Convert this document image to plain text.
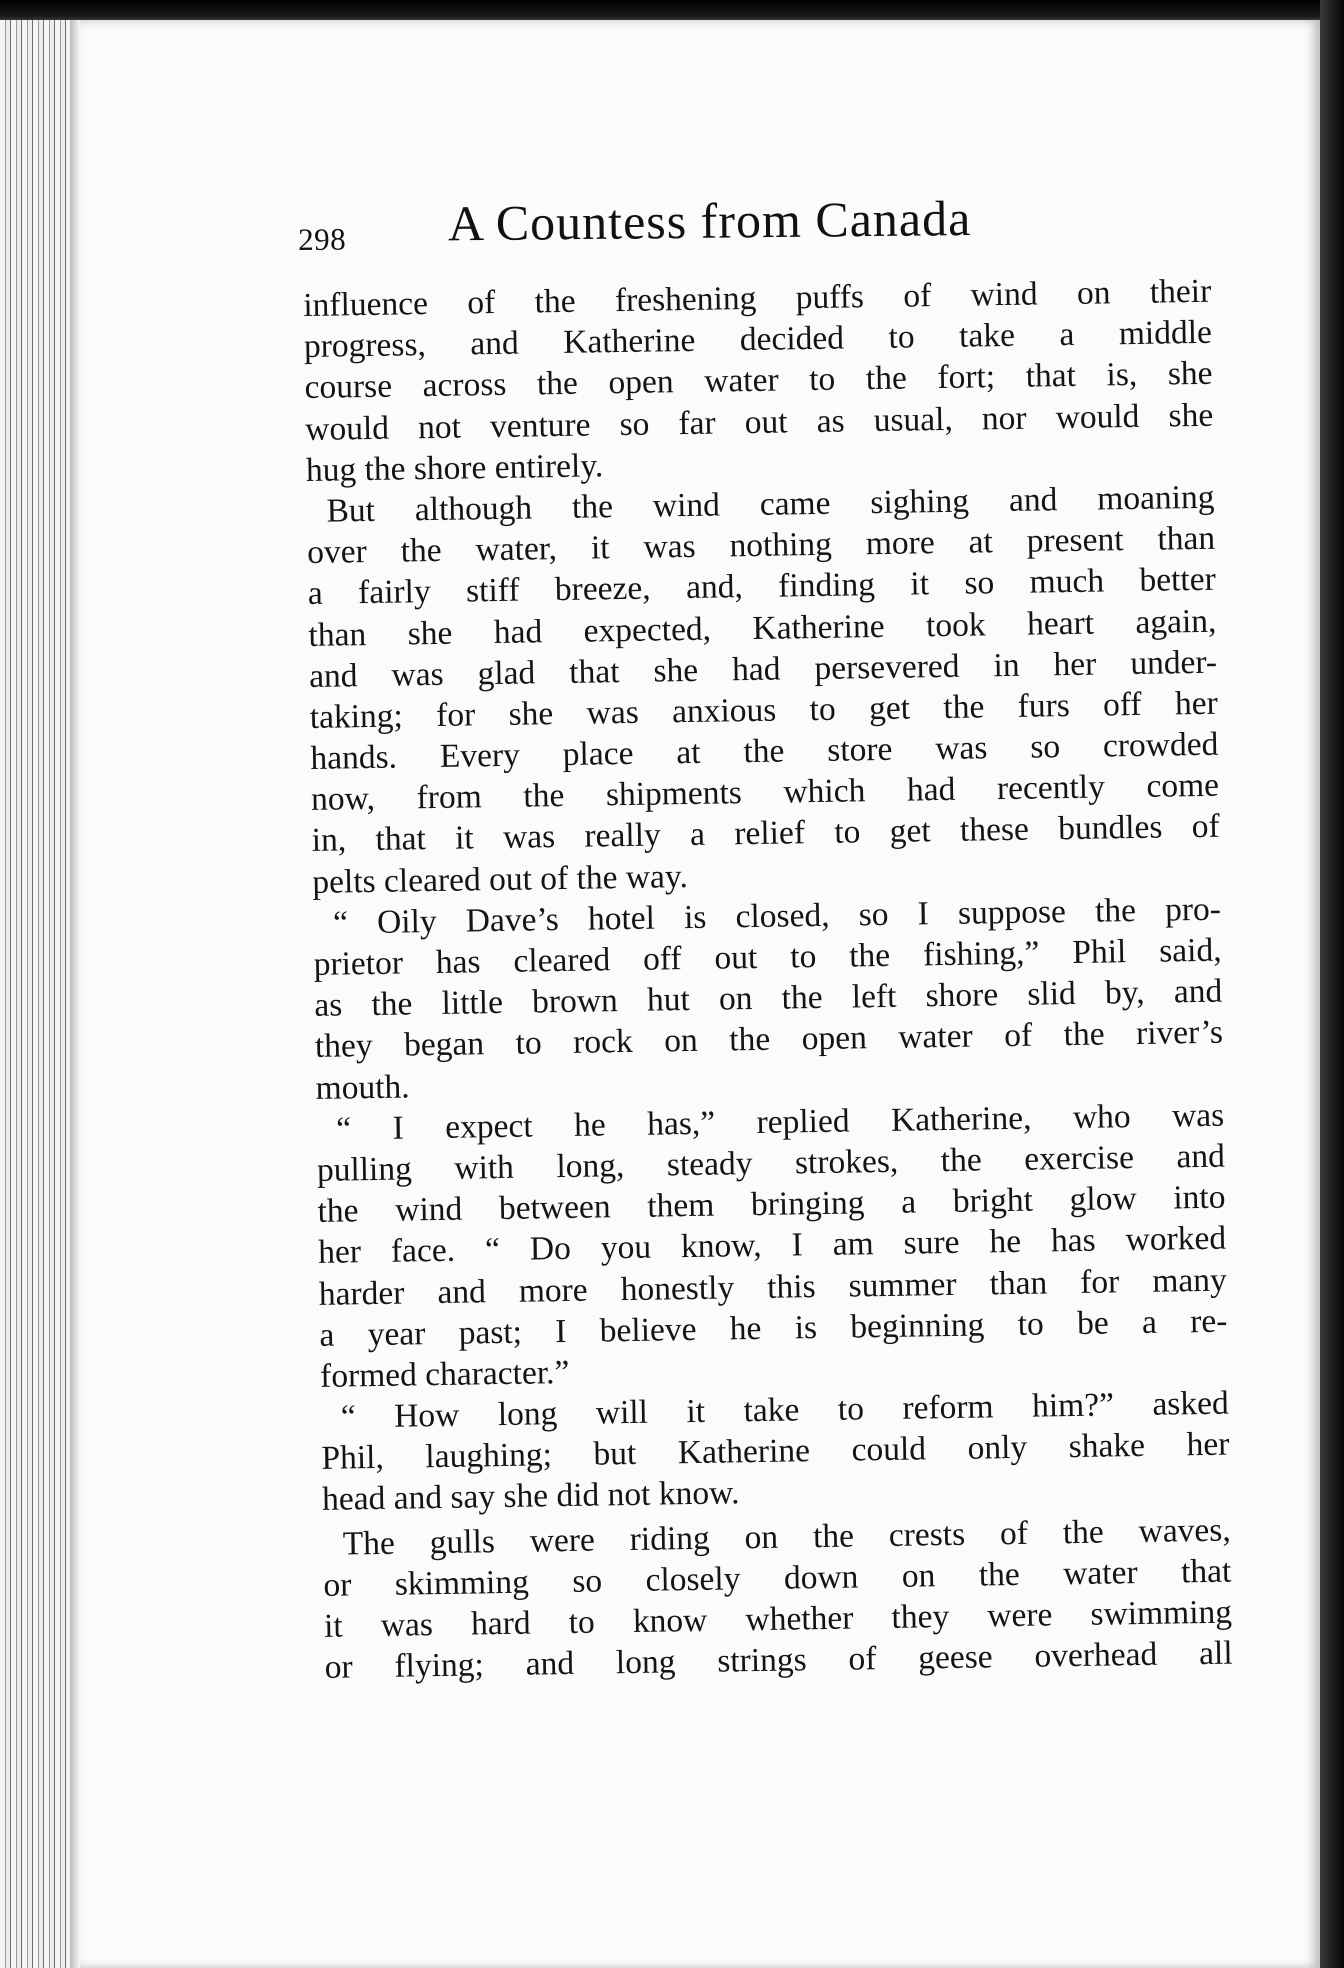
298 A Countess from Canada
influence of the freshening puffs of wind on their
progress, and Katherine decided to take a middle
course across the open water to the fort; that is, she
would not venture so far out as usual, nor would she
hug the shore entirely.
But although the wind came sighing and moaning
over the water, it was nothing more at present than
a fairly stiff breeze, and, finding it so much better
than she had expected, Katherine took heart again,
and was glad that she had persevered in her under-
taking; for she was anxious to get the furs off her
hands. Every place at the store was so crowded
now, from the shipments which had recently come
in, that it was really a relief to get these bundles of
pelts cleared out of the way.
“ Oily Dave’s hotel is closed, so I suppose the pro-
prietor has cleared off out to the fishing,” Phil said,
as the little brown hut on the left shore slid by, and
they began to rock on the open water of the river’s
mouth.
“ I expect he has,” replied Katherine, who was
pulling with long, steady strokes, the exercise and
the wind between them bringing a bright glow into
her face. “ Do you know, I am sure he has worked
harder and more honestly this summer than for many
a year past; I believe he is beginning to be a re-
formed character.”
“ How long will it take to reform him?” asked
Phil, laughing; but Katherine could only shake her
head and say she did not know.
The gulls were riding on the crests of the waves,
or skimming so closely down on the water that
it was hard to know whether they were swimming
or flying; and long strings of geese overhead all
